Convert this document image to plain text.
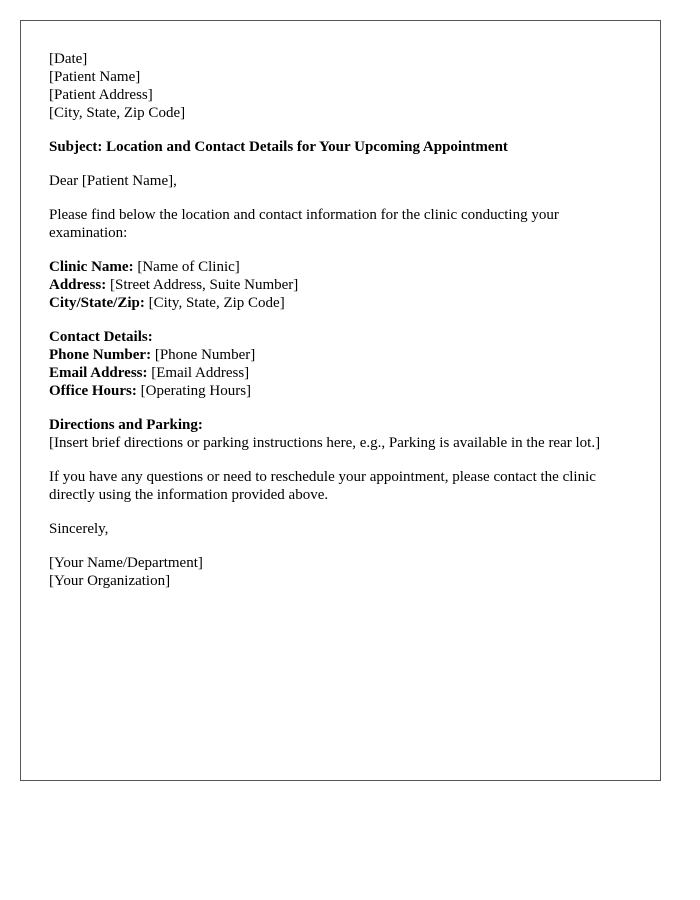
[Date]
[Patient Name]
[Patient Address]
[City, State, Zip Code]
Subject: Location and Contact Details for Your Upcoming Appointment
Dear [Patient Name],
Please find below the location and contact information for the clinic conducting your examination:
Clinic Name: [Name of Clinic]
Address: [Street Address, Suite Number]
City/State/Zip: [City, State, Zip Code]
Contact Details:
Phone Number: [Phone Number]
Email Address: [Email Address]
Office Hours: [Operating Hours]
Directions and Parking:
[Insert brief directions or parking instructions here, e.g., Parking is available in the rear lot.]
If you have any questions or need to reschedule your appointment, please contact the clinic directly using the information provided above.
Sincerely,
[Your Name/Department]
[Your Organization]
